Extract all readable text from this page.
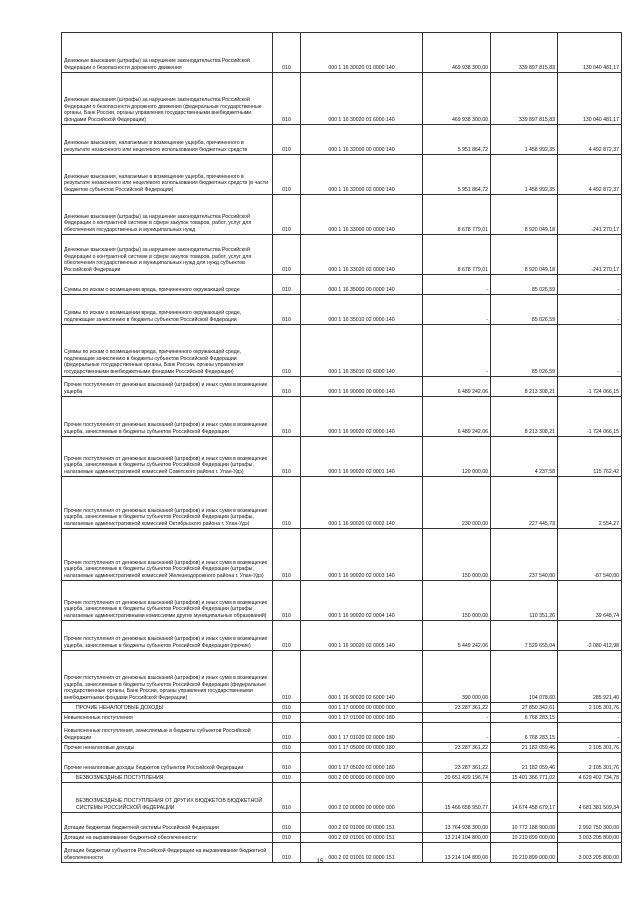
Денежные взыскания (штрафы) за нарушение законодательства Российской Федерации о безопасности дорожного движения	010	000 1 16 30020 01 0000 140	469 938 300,00	339 897 815,83	130 040 481,17
Денежные взыскания (штрафы) за нарушение законодательства Российской Федерации о безопасности дорожного движения (федеральные государственные органы, Банк России, органы управления государственными внебюджетными фондами Российской Федерации)	010	000 1 16 30020 01 6000 140	469 938 300,00	339 897 815,83	130 040 481,17
Денежные взыскания, налагаемые в возмещение ущерба, причиненного в результате незаконного или нецелевого использования бюджетных средств	010	000 1 16 32000 00 0000 140	5 951 864,72	1 458 992,35	4 492 872,37
Денежные взыскания, налагаемые в возмещение ущерба, причиненного в результате незаконного или нецелевого использования бюджетных средств (в части бюджетов субъектов Российской Федерации)	010	000 1 16 32000 02 0000 140	5 951 864,72	1 458 992,35	4 492 872,37
Денежные взыскания (штрафы) за нарушение законодательства Российской Федерации о контрактной системе в сфере закупок товаров, работ, услуг для обеспечения государственных и муниципальных нужд	010	000 1 16 33000 00 0000 140	8 678 779,01	8 920 049,18	-241 270,17
Денежные взыскания (штрафы) за нарушение законодательства Российской Федерации о контрактной системе в сфере закупок товаров, работ, услуг для обеспечения государственных и муниципальных нужд для нужд субъектов Российской Федерации	010	000 1 16 33020 02 0000 140	8 678 779,01	8 920 049,18	-241 270,17
Суммы по искам о возмещении вреда, причиненного окружающей среде	010	000 1 16 35000 00 0000 140	-	85 026,59	-
Суммы по искам о возмещении вреда, причиненного окружающей среде, подлежащие зачислению в бюджеты субъектов Российской Федерации	010	000 1 16 35010 02 0000 140	-	85 026,59	-
Суммы по искам о возмещении вреда, причиненного окружающей среде, подлежащие зачислению в бюджеты субъектов Российской Федерации (федеральные государственные органы, Банк России, органы управления государственными внебюджетными фондами Российской Федерации)	010	000 1 16 35010 02 6000 140	-	85 026,59	-
Прочие поступления от денежных взысканий (штрафов) и иных сумм в возмещение ущерба	010	000 1 16 90000 00 0000 140	6 489 242,06	8 213 308,21	-1 724 066,15
Прочие поступления от денежных взысканий (штрафов) и иных сумм в возмещение ущерба, зачисляемые в бюджеты субъектов Российской Федерации	010	000 1 16 90020 02 0000 140	6 489 242,06	8 213 308,21	-1 724 066,15
Прочие поступления от денежных взысканий (штрафов) и иных сумм в возмещение ущерба, зачисляемые в бюджеты субъектов Российской Федерации (штрафы, налагаемые административной комиссией Советского района г. Улан-Удэ)	010	000 1 16 90020 02 0001 140	120 000,00	4 237,58	115 762,42
Прочие поступления от денежных взысканий (штрафов) и иных сумм в возмещение ущерба, зачисляемые в бюджеты субъектов Российской Федерации (штрафы, налагаемые административной комиссией Октябрьского района г. Улан-Удэ)	010	000 1 16 90020 02 0002 140	230 000,00	227 445,73	2 554,27
Прочие поступления от денежных взысканий (штрафов) и иных сумм в возмещение ущерба, зачисляемые в бюджеты субъектов Российской Федерации (штрафы, налагаемые административной комиссией Железнодорожного района г. Улан-Удэ)	010	000 1 16 90020 02 0003 140	150 000,00	237 540,00	-87 540,00
Прочие поступления от денежных взысканий (штрафов) и иных сумм в возмещение ущерба, зачисляемые в бюджеты субъектов Российской Федерации (штрафы, налагаемые административными комиссиями других муниципальных образований)	010	000 1 16 90020 02 0004 140	150 000,00	110 351,26	39 648,74
Прочие поступления от денежных взысканий (штрафов) и иных сумм в возмещение ущерба, зачисляемые в бюджеты субъектов Российской Федерации (прочие)	010	000 1 16 90020 02 0005 140	5 449 242,06	7 529 655,04	-2 080 412,98
Прочие поступления от денежных взысканий (штрафов) и иных сумм в возмещение ущерба, зачисляемые в бюджеты субъектов Российской Федерации (федеральные государственные органы, Банк России, органы управления государственными внебюджетными фондами Российской Федерации)	010	000 1 16 90020 02 6000 140	390 000,00	104 078,60	285 921,40
ПРОЧИЕ НЕНАЛОГОВЫЕ ДОХОДЫ	010	000 1 17 00000 00 0000 000	23 287 361,22	27 850 342,61	2 105 301,76
Невыясненные поступления	010	000 1 17 01000 00 0000 180	-	6 768 283,15	-
Невыясненные поступления, зачисляемые в бюджеты субъектов Российской Федерации	010	000 1 17 01020 02 0000 180	-	6 768 283,15	-
Прочие неналоговые доходы	010	000 1 17 05000 00 0000 180	23 287 361,22	21 182 059,46	2 105 301,76
Прочие неналоговые доходы бюджетов субъектов Российской Федерации	010	000 1 17 05020 02 0000 180	23 287 361,22	21 182 059,46	2 105 301,76
БЕЗВОЗМЕЗДНЫЕ ПОСТУПЛЕНИЯ	010	000 2 00 00000 00 0000 000	20 651 429 196,74	15 401 366 771,02	4 629 402 734,78
БЕЗВОЗМЕЗДНЫЕ ПОСТУПЛЕНИЯ ОТ ДРУГИХ БЮДЖЕТОВ БЮДЖЕТНОЙ СИСТЕМЫ РОССИЙСКОЙ ФЕДЕРАЦИИ	010	000 2 02 00000 00 0000 000	15 466 658 950,77	14 674 458 679,17	4 681 381 509,34
Дотации бюджетам бюджетной системы Российской Федерации	010	000 2 02 01000 00 0000 151	13 764 938 300,00	10 772 188 900,00	2 992 750 300,00
Дотации на выравнивание бюджетной обеспеченности	010	000 2 02 01001 00 0000 151	13 214 104 800,00	10 210 899 000,00	3 003 205 800,00
Дотации бюджетам субъектов Российской Федерации на выравнивание бюджетной обеспеченности	010	000 2 02 01001 02 0000 151	13 214 104 800,00	10 210 899 000,00	3 003 205 800,00
15
